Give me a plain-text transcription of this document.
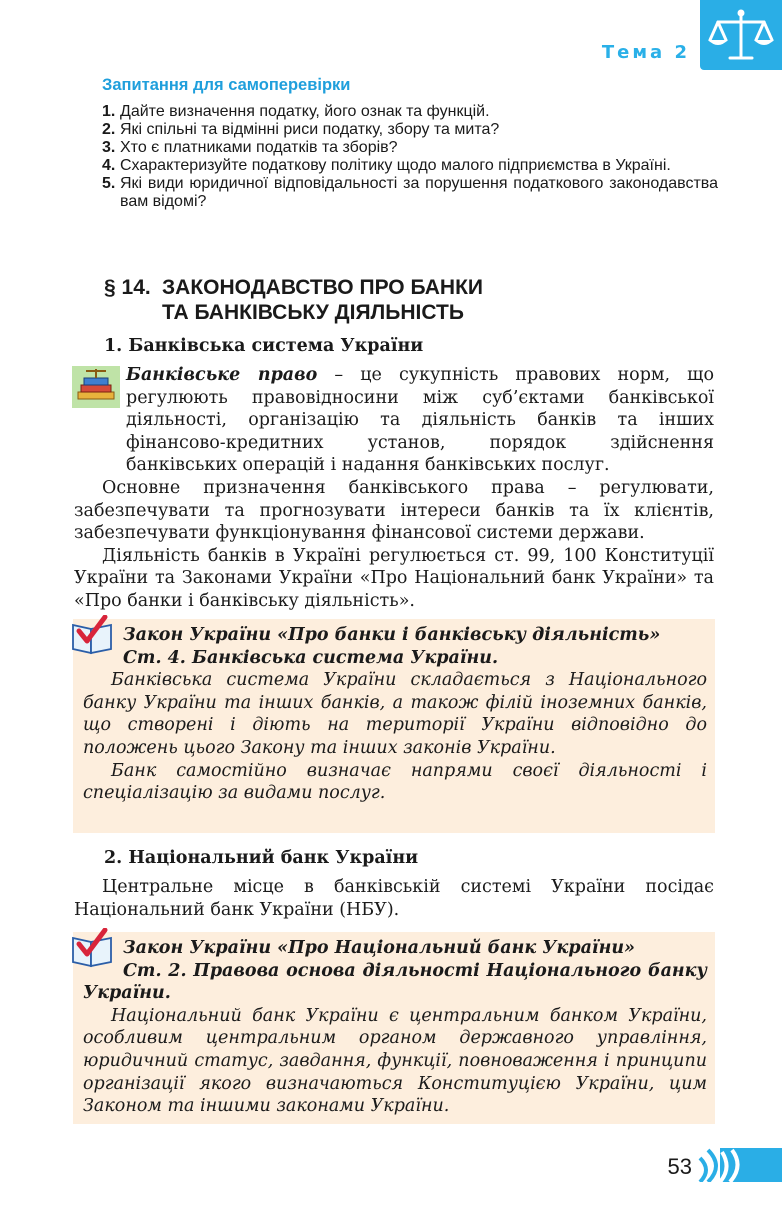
Тема 2
Запитання для самоперевірки
1. Дайте визначення податку, його ознак та функцій.
2. Які спільні та відмінні риси податку, збору та мита?
3. Хто є платниками податків та зборів?
4. Схарактеризуйте податкову політику щодо малого підприємства в Україні.
5. Які види юридичної відповідальності за порушення податкового законодавства вам відомі?
§ 14. ЗАКОНОДАВСТВО ПРО БАНКИ
ТА БАНКІВСЬКУ ДІЯЛЬНІСТЬ
1. Банківська система України

Банківське право – це сукупність правових норм, що регулюють правовідносини між суб’єктами банківської діяльності, організацію та діяльність банків та інших фінансово-кредитних установ, порядок здійснення банківських операцій і надання банківських послуг.

Основне призначення банківського права – регулювати, забезпечувати та прогнозувати інтереси банків та їх клієнтів, забезпечувати функціонування фінансової системи держави.

Діяльність банків в Україні регулюється ст. 99, 100 Конституції України та Законами України «Про Національний банк України» та «Про банки і банківську діяльність».

Закон України «Про банки і банківську діяльність»

Ст. 4. Банківська система України.

Банківська система України складається з Національного банку України та інших банків, а також філій іноземних банків, що створені і діють на території України відповідно до положень цього Закону та інших законів України.

Банк самостійно визначає напрями своєї діяльності і спеціалізацію за видами послуг.

2. Національний банк України

Центральне місце в банківській системі України посідає Національний банк України (НБУ).

Закон України «Про Національний банк України»

Ст. 2. Правова основа діяльності Національного банку України.

Національний банк України є центральним банком України, особливим центральним органом державного управління, юридичний статус, завдання, функції, повноваження і принципи організації якого визначаються Конституцією України, цим Законом та іншими законами України.

53
